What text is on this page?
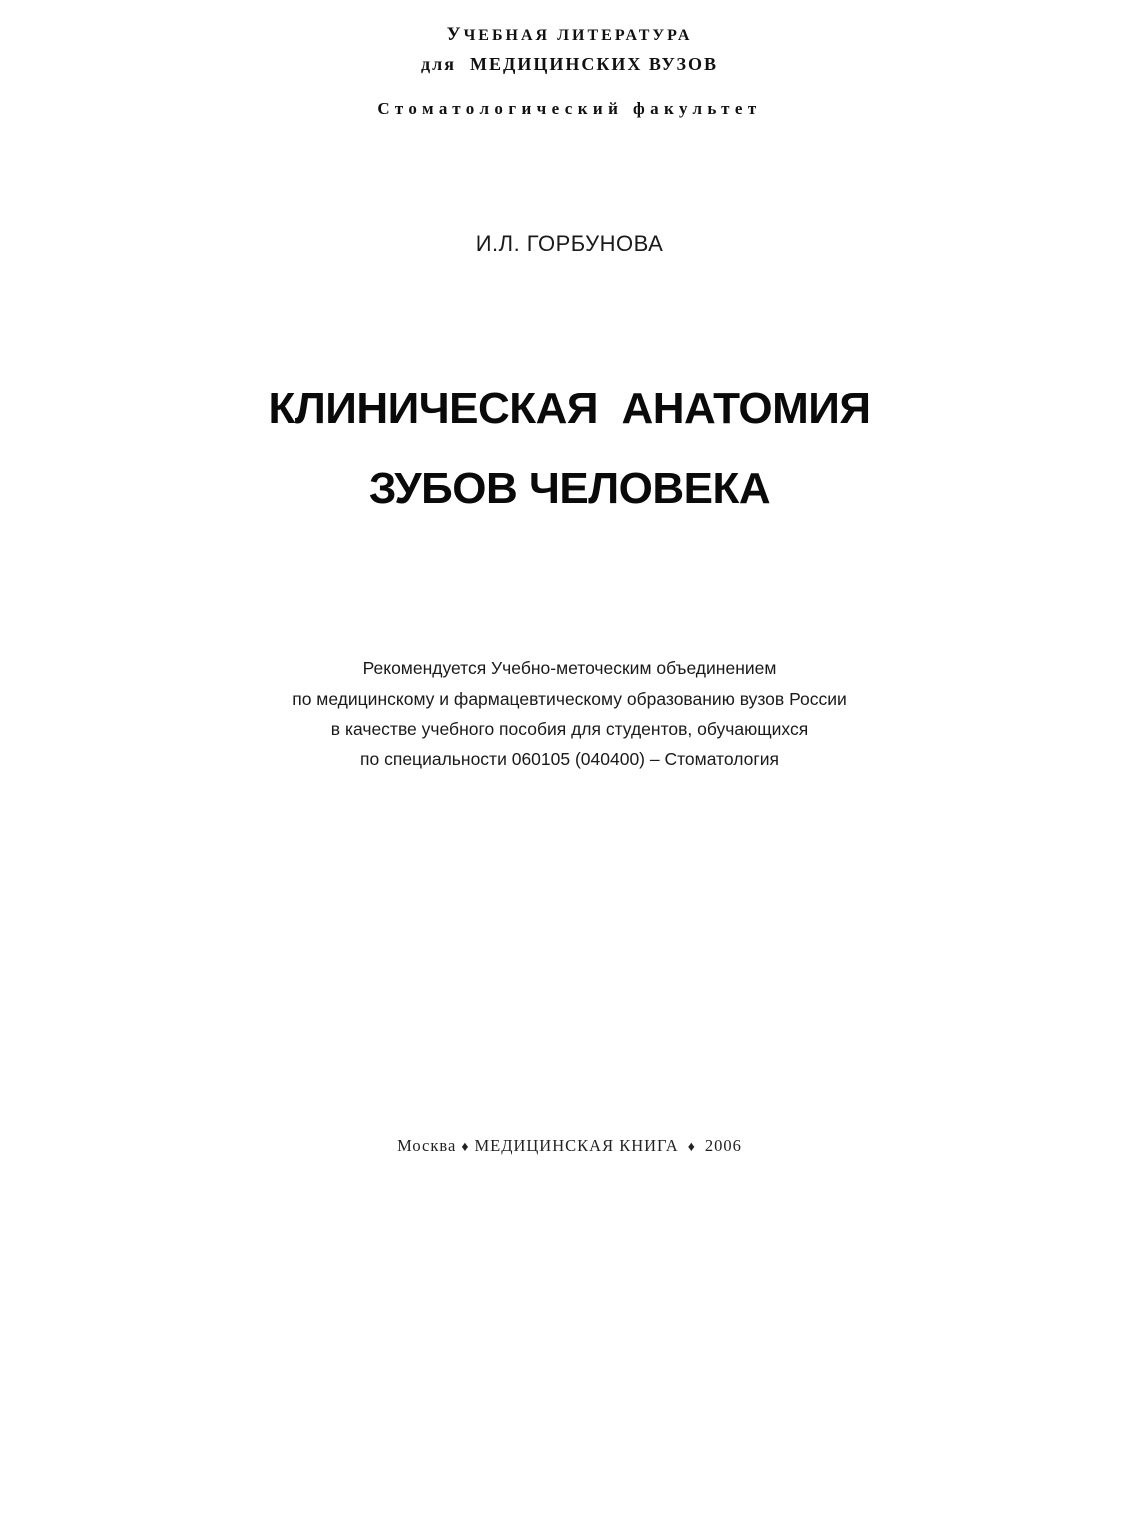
УЧЕБНАЯ ЛИТЕРАТУРА
для МЕДИЦИНСКИХ ВУЗОВ
Стоматологический факультет
И.Л. ГОРБУНОВА
КЛИНИЧЕСКАЯ  АНАТОМИЯ
ЗУБОВ ЧЕЛОВЕКА
Рекомендуется Учебно-меточеским объединением
по медицинскому и фармацевтическому образованию вузов России
в качестве учебного пособия для студентов, обучающихся
по специальности 060105 (040400) – Стоматология
Москва ♦ МЕДИЦИНСКАЯ КНИГА ♦ 2006
